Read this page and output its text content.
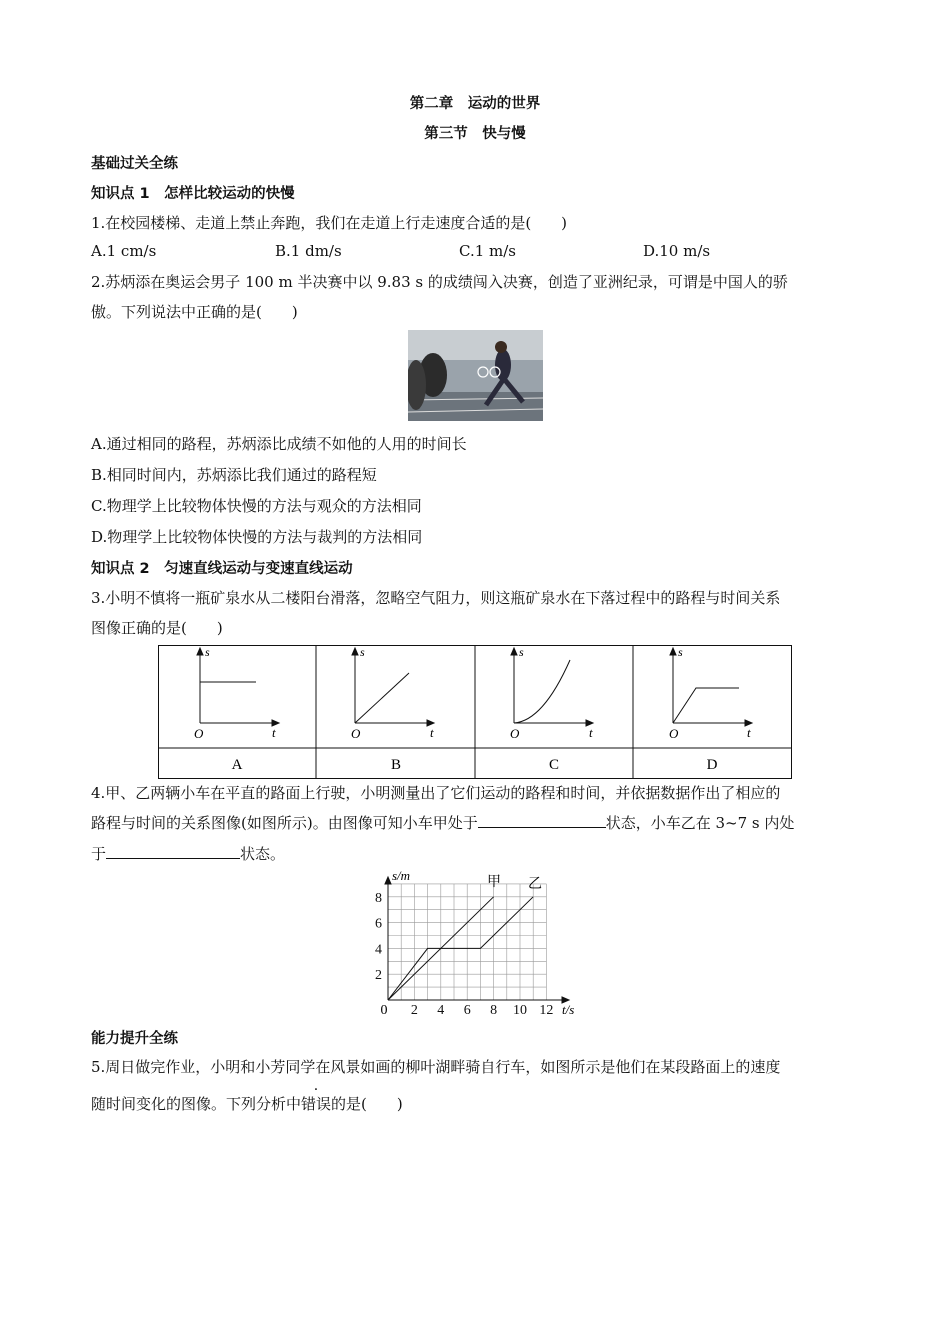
第二章　运动的世界
第三节　快与慢
基础过关全练
知识点 1　怎样比较运动的快慢
1.在校园楼梯、走道上禁止奔跑，我们在走道上行走速度合适的是(　　)
A.1 cm/s	B.1 dm/s	C.1 m/s	D.10 m/s
2.苏炳添在奥运会男子 100 m 半决赛中以 9.83 s 的成绩闯入决赛，创造了亚洲纪录，可谓是中国人的骄
傲。下列说法中正确的是(　　)
A.通过相同的路程，苏炳添比成绩不如他的人用的时间长
B.相同时间内，苏炳添比我们通过的路程短
C.物理学上比较物体快慢的方法与观众的方法相同
D.物理学上比较物体快慢的方法与裁判的方法相同
知识点 2　匀速直线运动与变速直线运动
3.小明不慎将一瓶矿泉水从二楼阳台滑落，忽略空气阻力，则这瓶矿泉水在下落过程中的路程与时间关系
图像正确的是(　　)
s
O	t
s
O	t
s
O	t
s
O	t
A	B	C	D
4.甲、乙两辆小车在平直的路面上行驶，小明测量出了它们运动的路程和时间，并依据数据作出了相应的
路程与时间的关系图像(如图所示)。由图像可知小车甲处于	状态，小车乙在 3~7 s 内处
于	状态。
8
6
4
2
2 4 6 8 10 12
s/m
t/s
0
甲 乙
能力提升全练
5.周日做完作业，小明和小芳同学在风景如画的柳叶湖畔骑自行车，如图所示是他们在某段路面上的速度
随时间变化的图像。下列分析中错误的是(　　)
